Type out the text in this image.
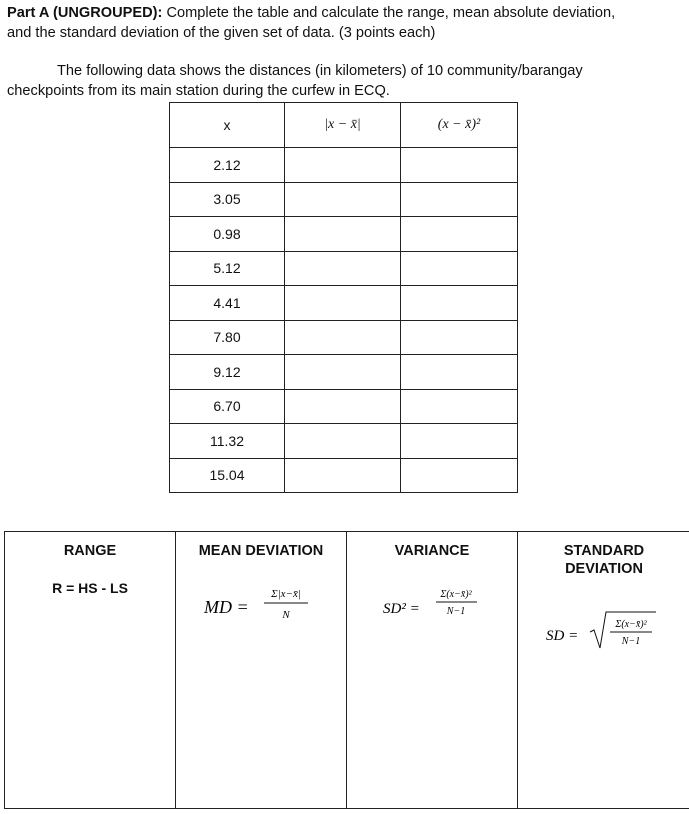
Part A (UNGROUPED): Complete the table and calculate the range, mean absolute deviation,
and the standard deviation of the given set of data. (3 points each)
The following data shows the distances (in kilometers) of 10 community/barangay
checkpoints from its main station during the curfew in ECQ.
x	|x − x̄|	(x − x̄)²
2.12		
3.05		
0.98		
5.12		
4.41		
7.80		
9.12		
6.70		
11.32		
15.04		
RANGE
R = HS - LS

MEAN DEVIATION
MD =
Σ|x−x̄|
N

VARIANCE
SD² =
Σ(x−x̄)²
N−1

STANDARD
DEVIATION
SD =
Σ(x−x̄)²
N−1
